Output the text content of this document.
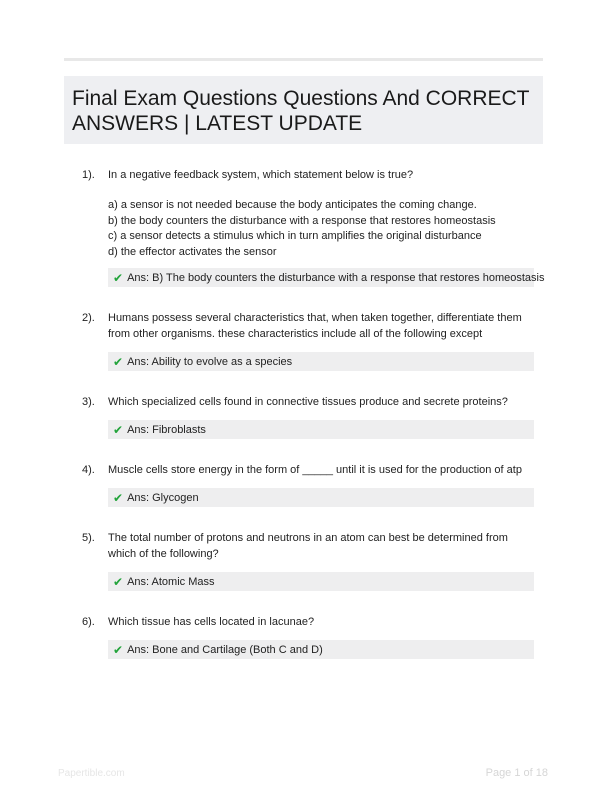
Final Exam Questions Questions And CORRECT ANSWERS | LATEST UPDATE
1). In a negative feedback system, which statement below is true?
a) a sensor is not needed because the body anticipates the coming change.
b) the body counters the disturbance with a response that restores homeostasis
c) a sensor detects a stimulus which in turn amplifies the original disturbance
d) the effector activates the sensor
✔ Ans: B) The body counters the disturbance with a response that restores homeostasis
2). Humans possess several characteristics that, when taken together, differentiate them from other organisms. these characteristics include all of the following except
✔ Ans: Ability to evolve as a species
3). Which specialized cells found in connective tissues produce and secrete proteins?
✔ Ans: Fibroblasts
4). Muscle cells store energy in the form of _____ until it is used for the production of atp
✔ Ans: Glycogen
5). The total number of protons and neutrons in an atom can best be determined from which of the following?
✔ Ans: Atomic Mass
6). Which tissue has cells located in lacunae?
✔ Ans: Bone and Cartilage (Both C and D)
Papertible.com	Page 1 of 18
